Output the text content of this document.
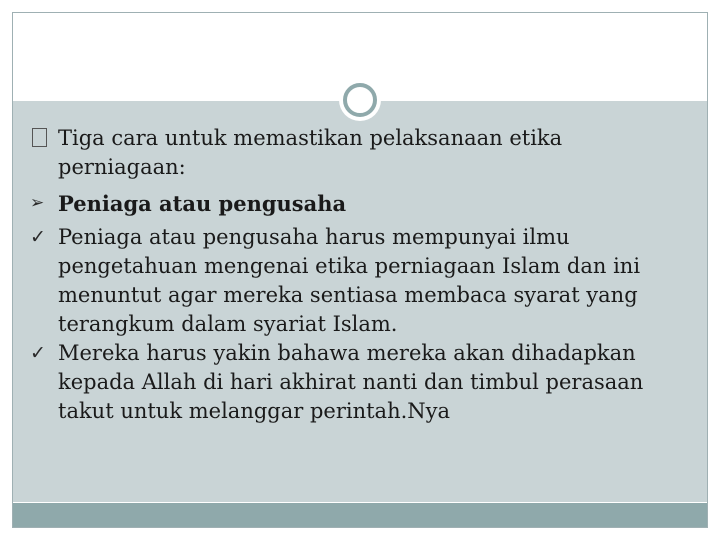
Tiga cara untuk memastikan pelaksanaan etika perniagaan:

➢ Peniaga atau pengusaha

✓ Peniaga atau pengusaha harus mempunyai ilmu pengetahuan mengenai etika perniagaan Islam dan ini menuntut agar mereka sentiasa membaca syarat yang terangkum dalam syariat Islam.

✓ Mereka harus yakin bahawa mereka akan dihadapkan kepada Allah di hari akhirat nanti dan timbul perasaan takut untuk melanggar perintah.Nya
